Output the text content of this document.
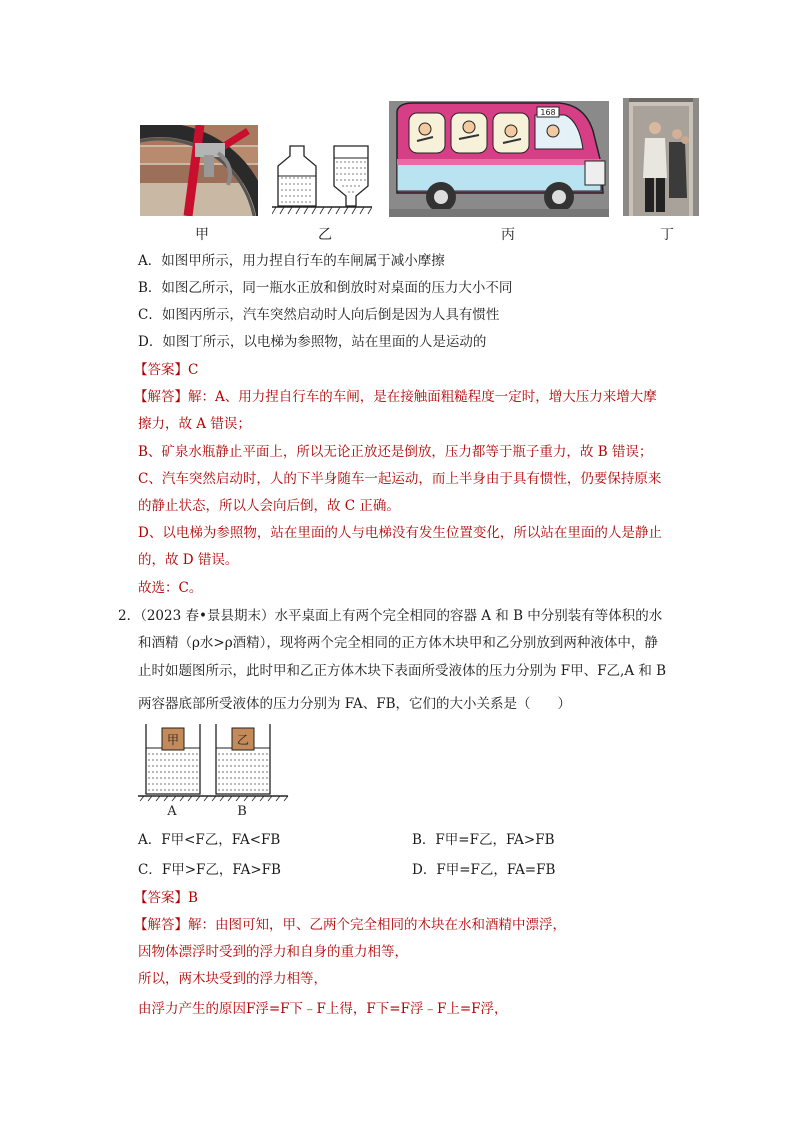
甲	乙
168
丙	丁
A．如图甲所示，用力捏自行车的车闸属于减小摩擦
B．如图乙所示，同一瓶水正放和倒放时对桌面的压力大小不同
C．如图丙所示，汽车突然启动时人向后倒是因为人具有惯性
D．如图丁所示，以电梯为参照物，站在里面的人是运动的
【答案】C
【解答】解：A、用力捏自行车的车闸，是在接触面粗糙程度一定时，增大压力来增大摩
擦力，故 A 错误；
B、矿泉水瓶静止平面上，所以无论正放还是倒放，压力都等于瓶子重力，故 B 错误；
C、汽车突然启动时，人的下半身随车一起运动，而上半身由于具有惯性，仍要保持原来
的静止状态，所以人会向后倒，故 C 正确。
D、以电梯为参照物，站在里面的人与电梯没有发生位置变化，所以站在里面的人是静止
的，故 D 错误。
故选：C。
2．（2023 春•景县期末）水平桌面上有两个完全相同的容器 A 和 B 中分别装有等体积的水
和酒精（ρ水>ρ酒精），现将两个完全相同的正方体木块甲和乙分别放到两种液体中，静
止时如题图所示，此时甲和乙正方体木块下表面所受液体的压力分别为 F甲、F乙,A 和 B
两容器底部所受液体的压力分别为 FA、FB，它们的大小关系是（　　）
甲	乙
A	B
A．F甲<F乙，FA<FB	B．F甲=F乙，FA>FB
C．F甲>F乙，FA>FB	D．F甲=F乙，FA=FB
【答案】B
【解答】解：由图可知，甲、乙两个完全相同的木块在水和酒精中漂浮，
因物体漂浮时受到的浮力和自身的重力相等，
所以，两木块受到的浮力相等，
由浮力产生的原因F浮=F下﹣F上得，F下=F浮﹣F上=F浮，
